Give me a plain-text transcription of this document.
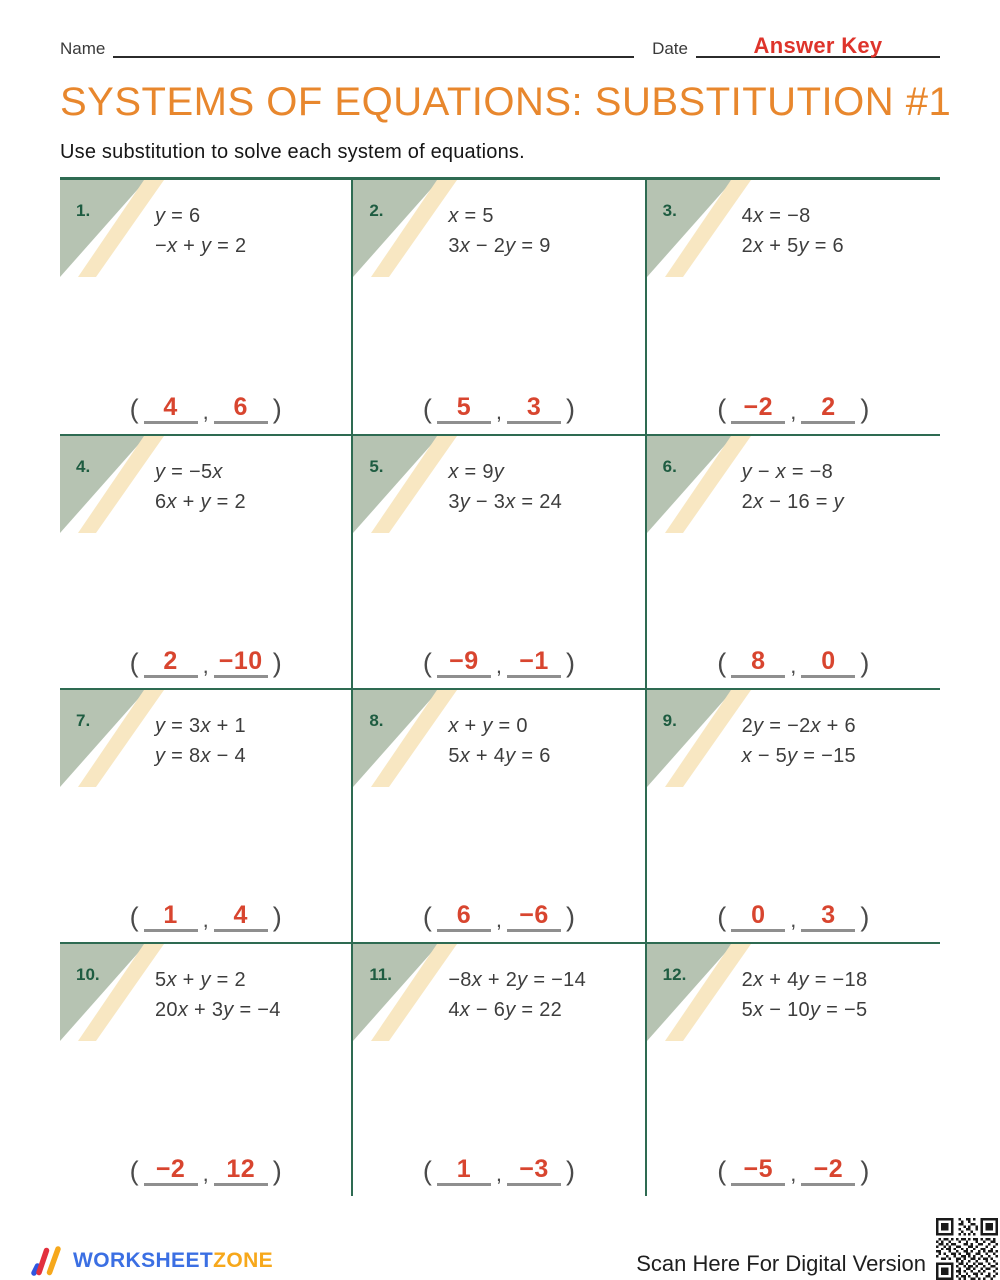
Name	Date	Answer Key
SYSTEMS OF EQUATIONS: SUBSTITUTION #1
Use substitution to solve each system of equations.
1.	y = 6
−x + y = 2
( 4	, 6 )
2.	x = 5
3x − 2y = 9
( 5	, 3 )
3.	4x = −8
2x + 5y = 6
( −2 , 2 )
4.	y = −5x
6x + y = 2
( 2	, −10 )
5.	x = 9y
3y − 3x = 24
( −9 , −1 )
6.	y − x = −8
2x − 16 = y
( 8	, 0 )
7.	y = 3x + 1
y = 8x − 4
( 1	, 4 )
8.	x + y = 0
5x + 4y = 6
( 6	, −6 )
9.	2y = −2x + 6
x − 5y = −15
( 0	, 3 )
10.	5x + y = 2
20x + 3y = −4
( −2 , 12 )
11.	−8x + 2y = −14
4x − 6y = 22
( 1	, −3 )
12.	2x + 4y = −18
5x − 10y = −5
( −5 , −2 )
WORKSHEETZONE	Scan Here For Digital Version
